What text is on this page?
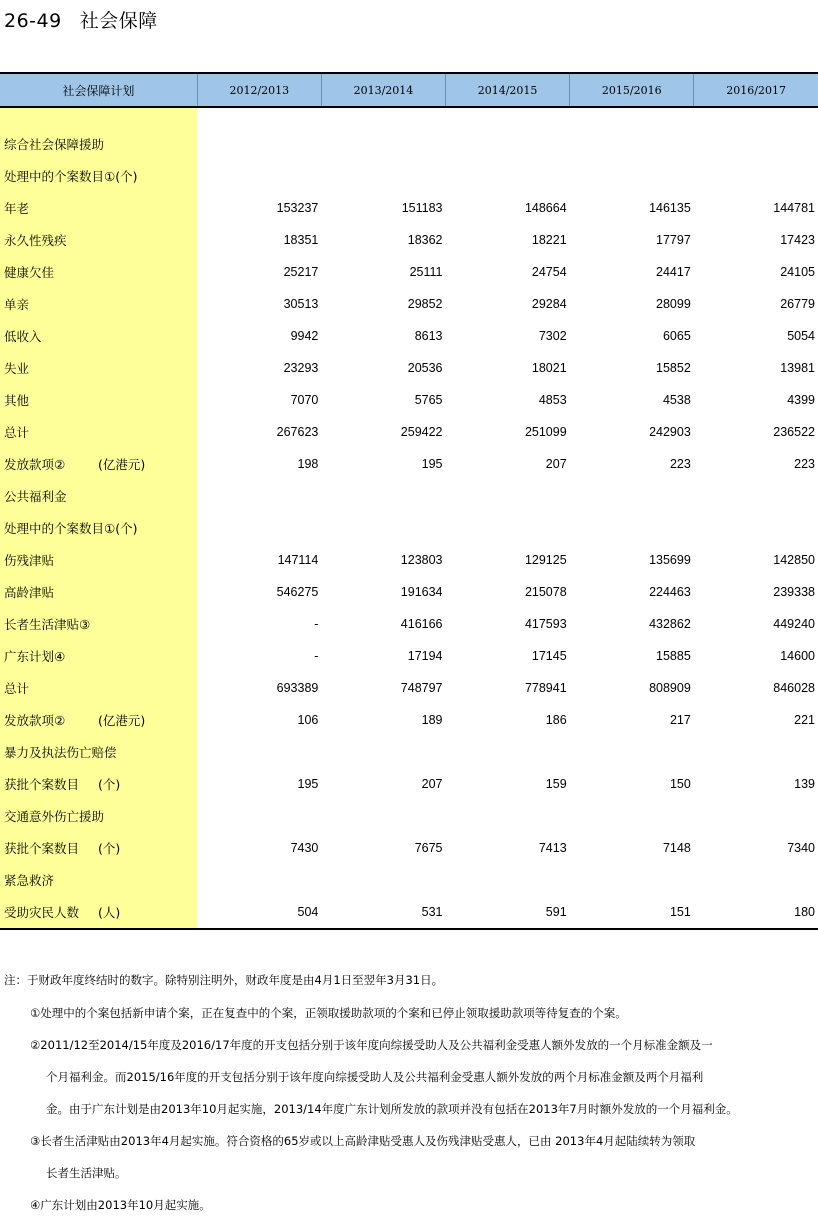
26-49 社会保障
社会保障计划	2012/2013	2013/2014	2014/2015	2015/2016	2016/2017

综合社会保障援助					
处理中的个案数目①(个)					
年老	153237	151183	148664	146135	144781
永久性残疾	18351	18362	18221	17797	17423
健康欠佳	25217	25111	24754	24417	24105
单亲	30513	29852	29284	28099	26779
低收入	9942	8613	7302	6065	5054
失业	23293	20536	18021	15852	13981
其他	7070	5765	4853	4538	4399
总计	267623	259422	251099	242903	236522
发放款项② (亿港元)	198	195	207	223	223
公共福利金					
处理中的个案数目①(个)					
伤残津贴	147114	123803	129125	135699	142850
高龄津贴	546275	191634	215078	224463	239338
长者生活津贴③	-	416166	417593	432862	449240
广东计划④	-	17194	17145	15885	14600
总计	693389	748797	778941	808909	846028
发放款项② (亿港元)	106	189	186	217	221
暴力及执法伤亡赔偿					
获批个案数目 (个)	195	207	159	150	139
交通意外伤亡援助					
获批个案数目 (个)	7430	7675	7413	7148	7340
紧急救济					
受助灾民人数 (人)	504	531	591	151	180
注：于财政年度终结时的数字。除特别注明外，财政年度是由4月1日至翌年3月31日。
①处理中的个案包括新申请个案，正在复查中的个案，正领取援助款项的个案和已停止领取援助款项等待复查的个案。
②2011/12至2014/15年度及2016/17年度的开支包括分别于该年度向综援受助人及公共福利金受惠人额外发放的一个月标准金额及一
个月福利金。而2015/16年度的开支包括分别于该年度向综援受助人及公共福利金受惠人额外发放的两个月标准金额及两个月福利
金。由于广东计划是由2013年10月起实施，2013/14年度广东计划所发放的款项并没有包括在2013年7月时额外发放的一个月福利金。
③长者生活津贴由2013年4月起实施。符合资格的65岁或以上高龄津贴受惠人及伤残津贴受惠人，已由 2013年4月起陆续转为领取
长者生活津贴。
④广东计划由2013年10月起实施。
